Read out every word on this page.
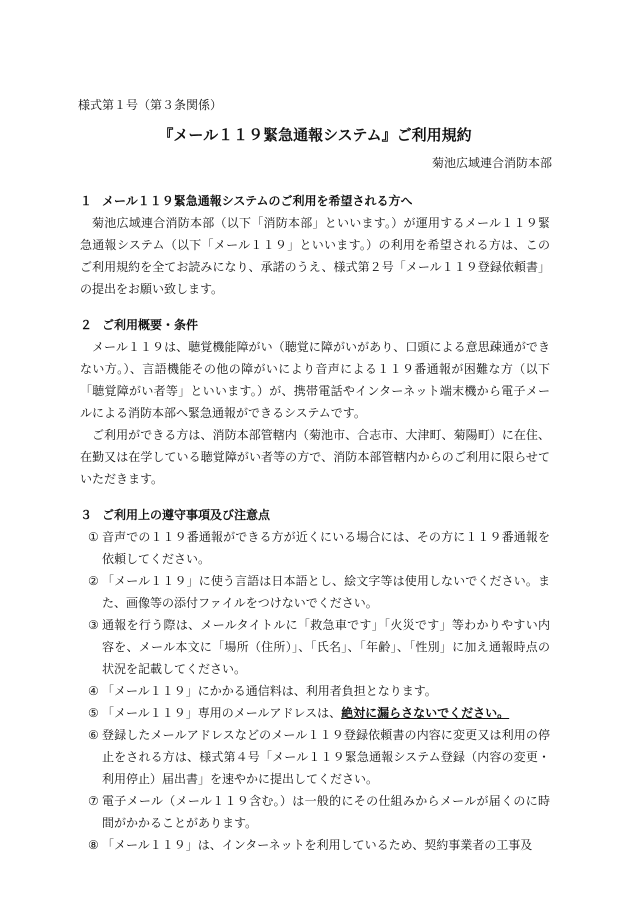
様式第１号（第３条関係）
『メール１１９緊急通報システム』ご利用規約
菊池広域連合消防本部
１ メール１１９緊急通報システムのご利用を希望される方へ
菊池広域連合消防本部（以下「消防本部」といいます。）が運用するメール１１９緊急通報システム（以下「メール１１９」といいます。）の利用を希望される方は、このご利用規約を全てお読みになり、承諾のうえ、様式第２号「メール１１９登録依頼書」の提出をお願い致します。
２ ご利用概要・条件
メール１１９は、聴覚機能障がい（聴覚に障がいがあり、口頭による意思疎通ができない方。）、言語機能その他の障がいにより音声による１１９番通報が困難な方（以下「聴覚障がい者等」といいます。）が、携帯電話やインターネット端末機から電子メールによる消防本部へ緊急通報ができるシステムです。
ご利用ができる方は、消防本部管轄内（菊池市、合志市、大津町、菊陽町）に在住、在勤又は在学している聴覚障がい者等の方で、消防本部管轄内からのご利用に限らせていただきます。
３ ご利用上の遵守事項及び注意点
① 音声での１１９番通報ができる方が近くにいる場合には、その方に１１９番通報を依頼してください。
② 「メール１１９」に使う言語は日本語とし、絵文字等は使用しないでください。また、画像等の添付ファイルをつけないでください。
③ 通報を行う際は、メールタイトルに「救急車です」「火災です」等わかりやすい内容を、メール本文に「場所（住所）」、「氏名」、「年齢」、「性別」に加え通報時点の状況を記載してください。
④ 「メール１１９」にかかる通信料は、利用者負担となります。
⑤ 「メール１１９」専用のメールアドレスは、絶対に漏らさないでください。
⑥ 登録したメールアドレスなどのメール１１９登録依頼書の内容に変更又は利用の停止をされる方は、様式第４号「メール１１９緊急通報システム登録（内容の変更・利用停止）届出書」を速やかに提出してください。
⑦ 電子メール（メール１１９含む。）は一般的にその仕組みからメールが届くのに時間がかかることがあります。
⑧ 「メール１１９」は、インターネットを利用しているため、契約事業者の工事及
